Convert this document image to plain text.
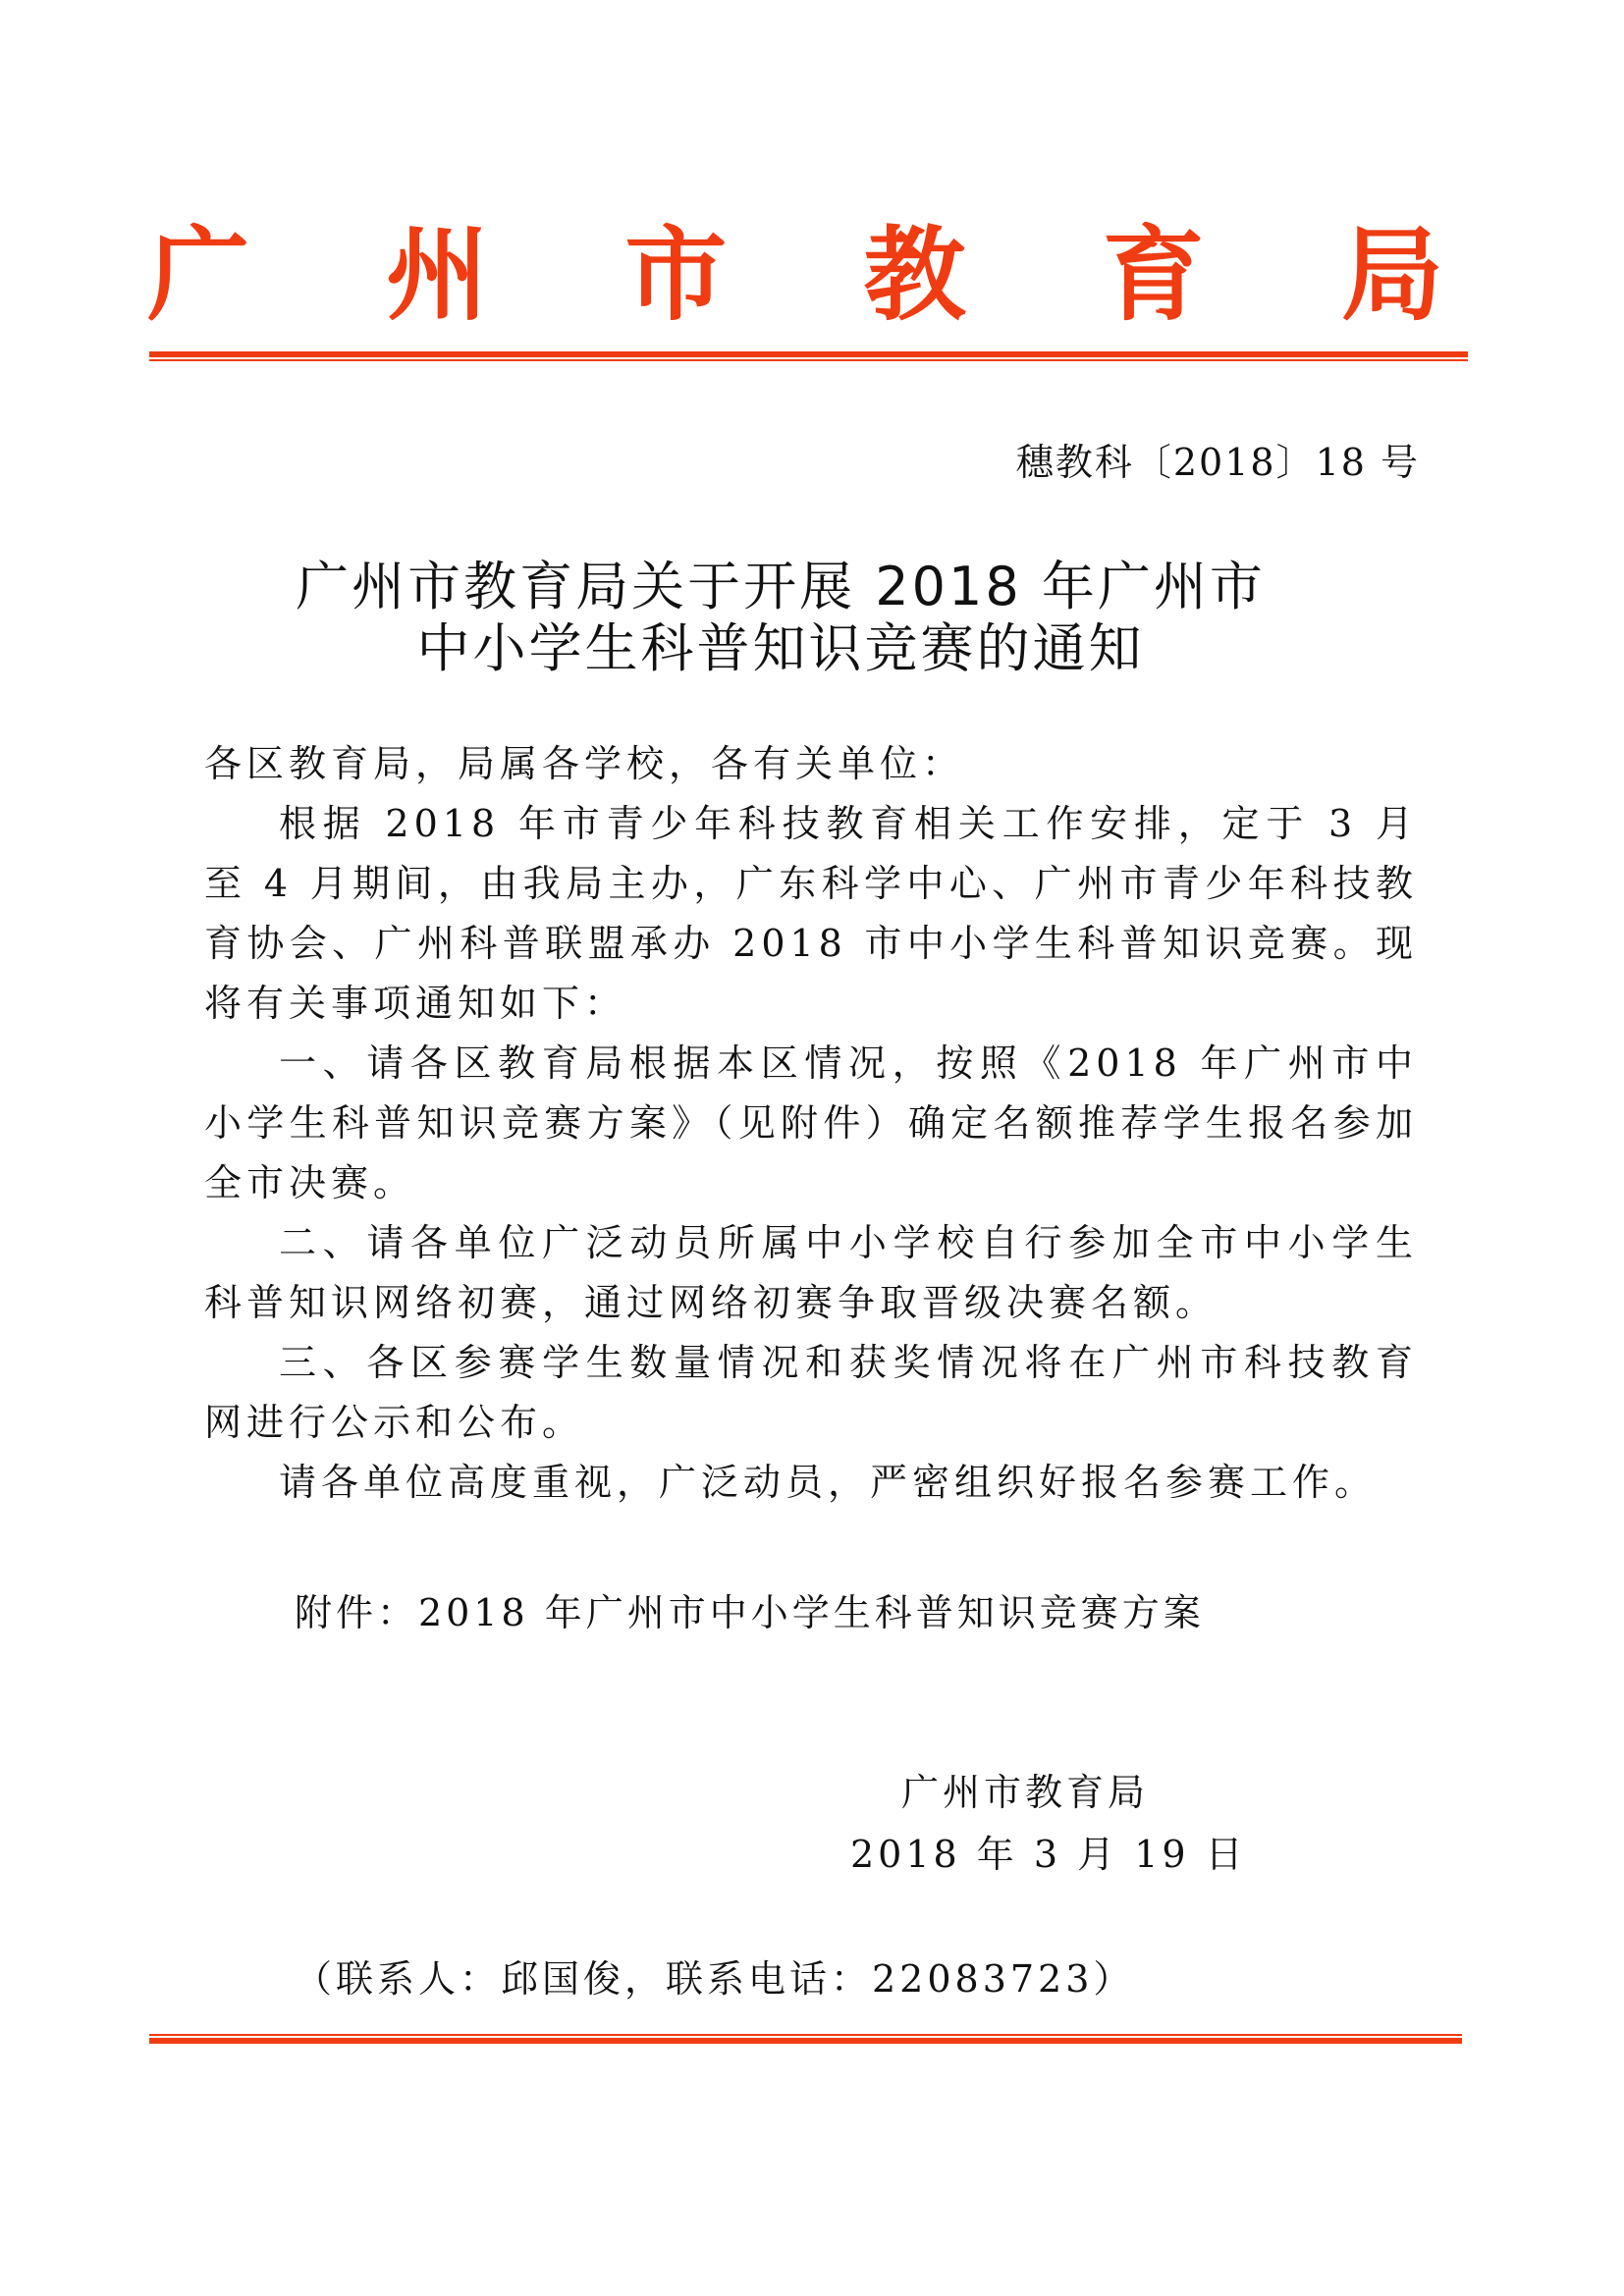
广 州 市 教 育 局
穗教科〔2018〕18 号
广州市教育局关于开展 2018 年广州市
中小学生科普知识竞赛的通知
各区教育局，局属各学校，各有关单位：

根据 2018 年市青少年科技教育相关工作安排，定于 3 月至 4 月期间，由我局主办，广东科学中心、广州市青少年科技教育协会、广州科普联盟承办 2018 市中小学生科普知识竞赛。现将有关事项通知如下：

一、请各区教育局根据本区情况，按照《2018 年广州市中小学生科普知识竞赛方案》（见附件）确定名额推荐学生报名参加全市决赛。

二、请各单位广泛动员所属中小学校自行参加全市中小学生科普知识网络初赛，通过网络初赛争取晋级决赛名额。

三、各区参赛学生数量情况和获奖情况将在广州市科技教育网进行公示和公布。

请各单位高度重视，广泛动员，严密组织好报名参赛工作。

附件：2018 年广州市中小学生科普知识竞赛方案
广州市教育局
2018 年 3 月 19 日
（联系人：邱国俊，联系电话：22083723）
